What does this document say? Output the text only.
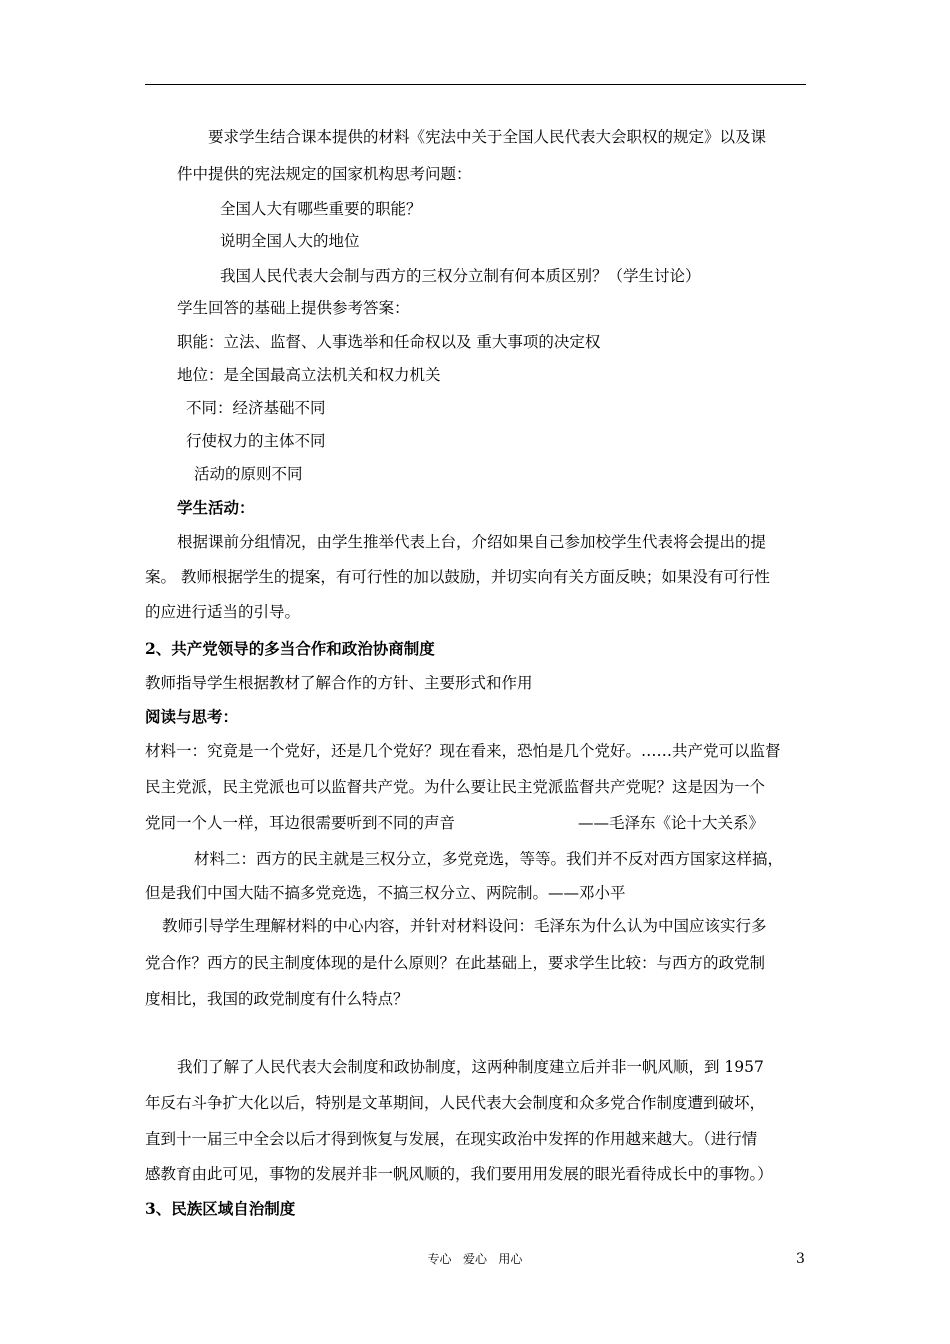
要求学生结合课本提供的材料《宪法中关于全国人民代表大会职权的规定》以及课
件中提供的宪法规定的国家机构思考问题：
全国人大有哪些重要的职能？
说明全国人大的地位
我国人民代表大会制与西方的三权分立制有何本质区别？（学生讨论）
学生回答的基础上提供参考答案：
职能：立法、监督、人事选举和任命权以及 重大事项的决定权
地位：是全国最高立法机关和权力机关
不同：经济基础不同
行使权力的主体不同
活动的原则不同
学生活动：
根据课前分组情况，由学生推举代表上台，介绍如果自己参加校学生代表将会提出的提
案。 教师根据学生的提案，有可行性的加以鼓励，并切实向有关方面反映；如果没有可行性
的应进行适当的引导。
2、共产党领导的多当合作和政治协商制度
教师指导学生根据教材了解合作的方针、主要形式和作用
阅读与思考：
材料一：究竟是一个党好，还是几个党好？现在看来，恐怕是几个党好。……共产党可以监督
民主党派，民主党派也可以监督共产党。为什么要让民主党派监督共产党呢？这是因为一个
党同一个人一样，耳边很需要听到不同的声音	——毛泽东《论十大关系》
材料二：西方的民主就是三权分立，多党竞选，等等。我们并不反对西方国家这样搞，
但是我们中国大陆不搞多党竞选，不搞三权分立、两院制。——邓小平
教师引导学生理解材料的中心内容，并针对材料设问：毛泽东为什么认为中国应该实行多
党合作？西方的民主制度体现的是什么原则？在此基础上，要求学生比较：与西方的政党制
度相比，我国的政党制度有什么特点？
我们了解了人民代表大会制度和政协制度，这两种制度建立后并非一帆风顺，到 1957
年反右斗争扩大化以后，特别是文革期间，人民代表大会制度和众多党合作制度遭到破坏，
直到十一届三中全会以后才得到恢复与发展，在现实政治中发挥的作用越来越大。（进行情
感教育由此可见，事物的发展并非一帆风顺的，我们要用用发展的眼光看待成长中的事物。）
3、民族区域自治制度
专心   爱心   用心	3
